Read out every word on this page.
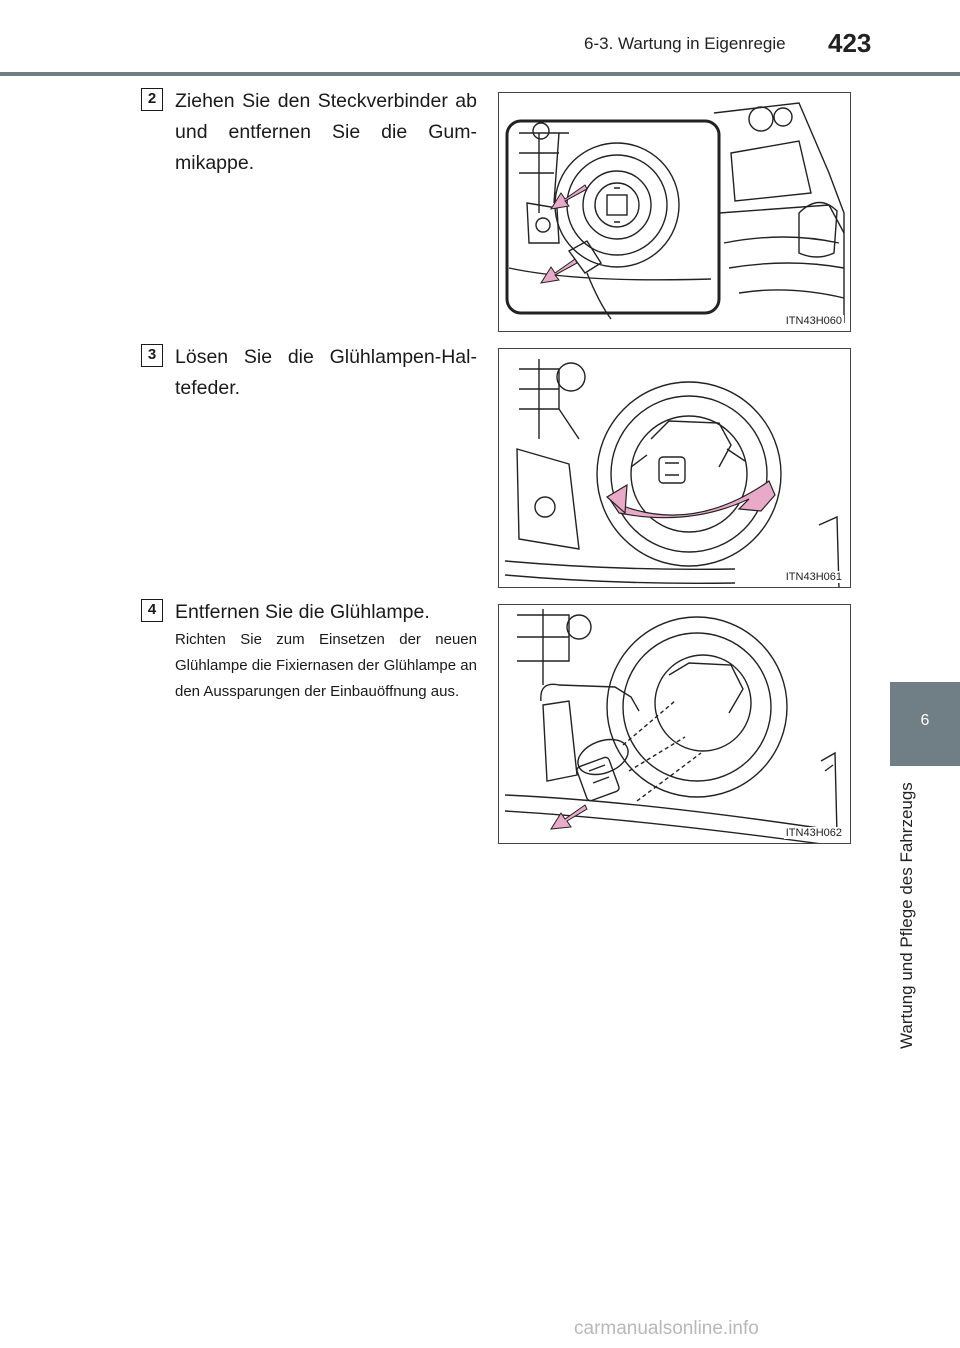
6-3. Wartung in Eigenregie 423
6
Wartung und Pflege des Fahrzeugs
2 Ziehen Sie den Steckverbinder ab und entfernen Sie die Gummikappe.
ITN43H060
3 Lösen Sie die Glühlampen-Haltefeder.
ITN43H061
4 Entfernen Sie die Glühlampe.
Richten Sie zum Einsetzen der neuen Glühlampe die Fixiernasen der Glühlampe an den Aussparungen der Einbauöffnung aus.
ITN43H062
carmanualsonline.info
